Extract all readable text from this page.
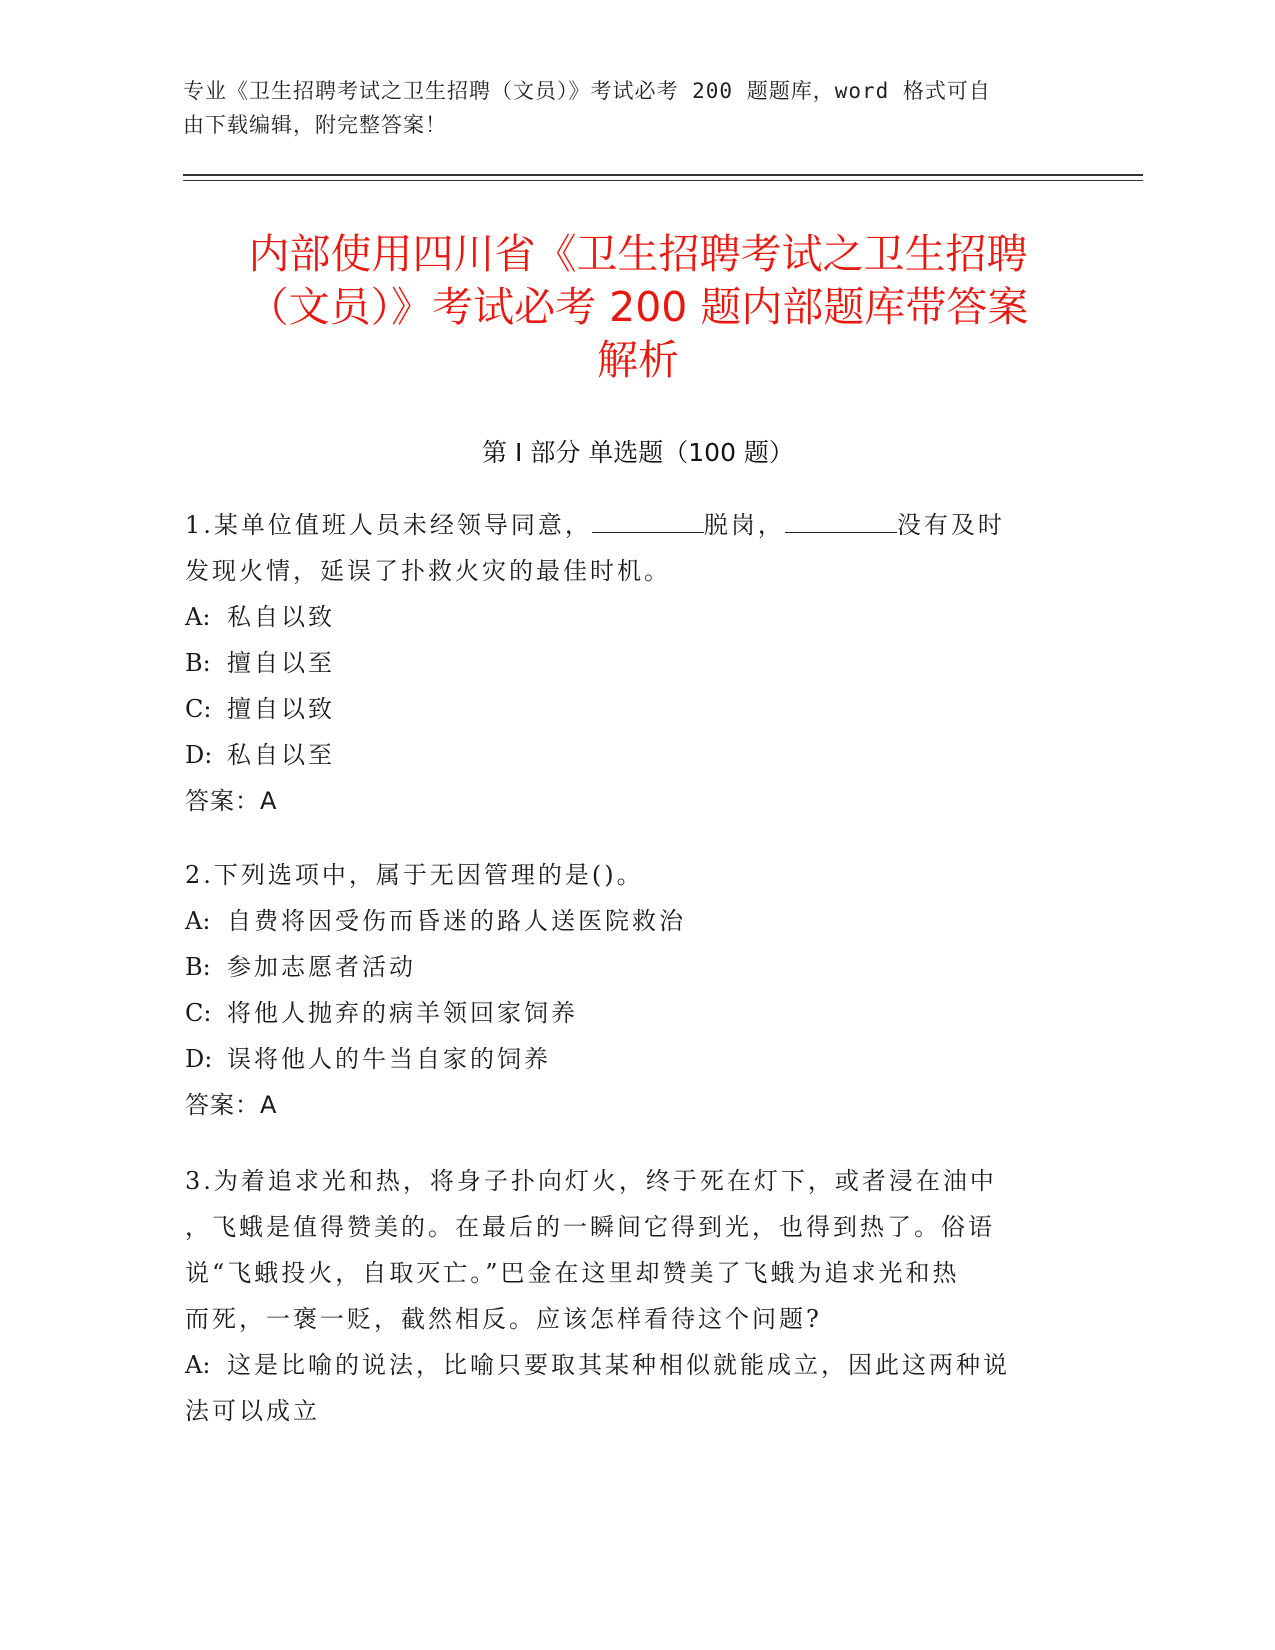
专业《卫生招聘考试之卫生招聘（文员）》考试必考 200 题题库，word 格式可自
由下载编辑，附完整答案！
内部使用四川省《卫生招聘考试之卫生招聘
（文员）》考试必考 200 题内部题库带答案
解析
第 I 部分 单选题（100 题）
1.某单位值班人员未经领导同意，	脱岗，	没有及时
发现火情，延误了扑救火灾的最佳时机。
A: 私自以致
B: 擅自以至
C: 擅自以致
D: 私自以至
答案：A
2.下列选项中，属于无因管理的是()。
A: 自费将因受伤而昏迷的路人送医院救治
B: 参加志愿者活动
C: 将他人抛弃的病羊领回家饲养
D: 误将他人的牛当自家的饲养
答案：A
3.为着追求光和热，将身子扑向灯火，终于死在灯下，或者浸在油中
，飞蛾是值得赞美的。在最后的一瞬间它得到光，也得到热了。俗语
说“飞蛾投火，自取灭亡。”巴金在这里却赞美了飞蛾为追求光和热
而死，一褒一贬，截然相反。应该怎样看待这个问题?
A: 这是比喻的说法，比喻只要取其某种相似就能成立，因此这两种说
法可以成立
